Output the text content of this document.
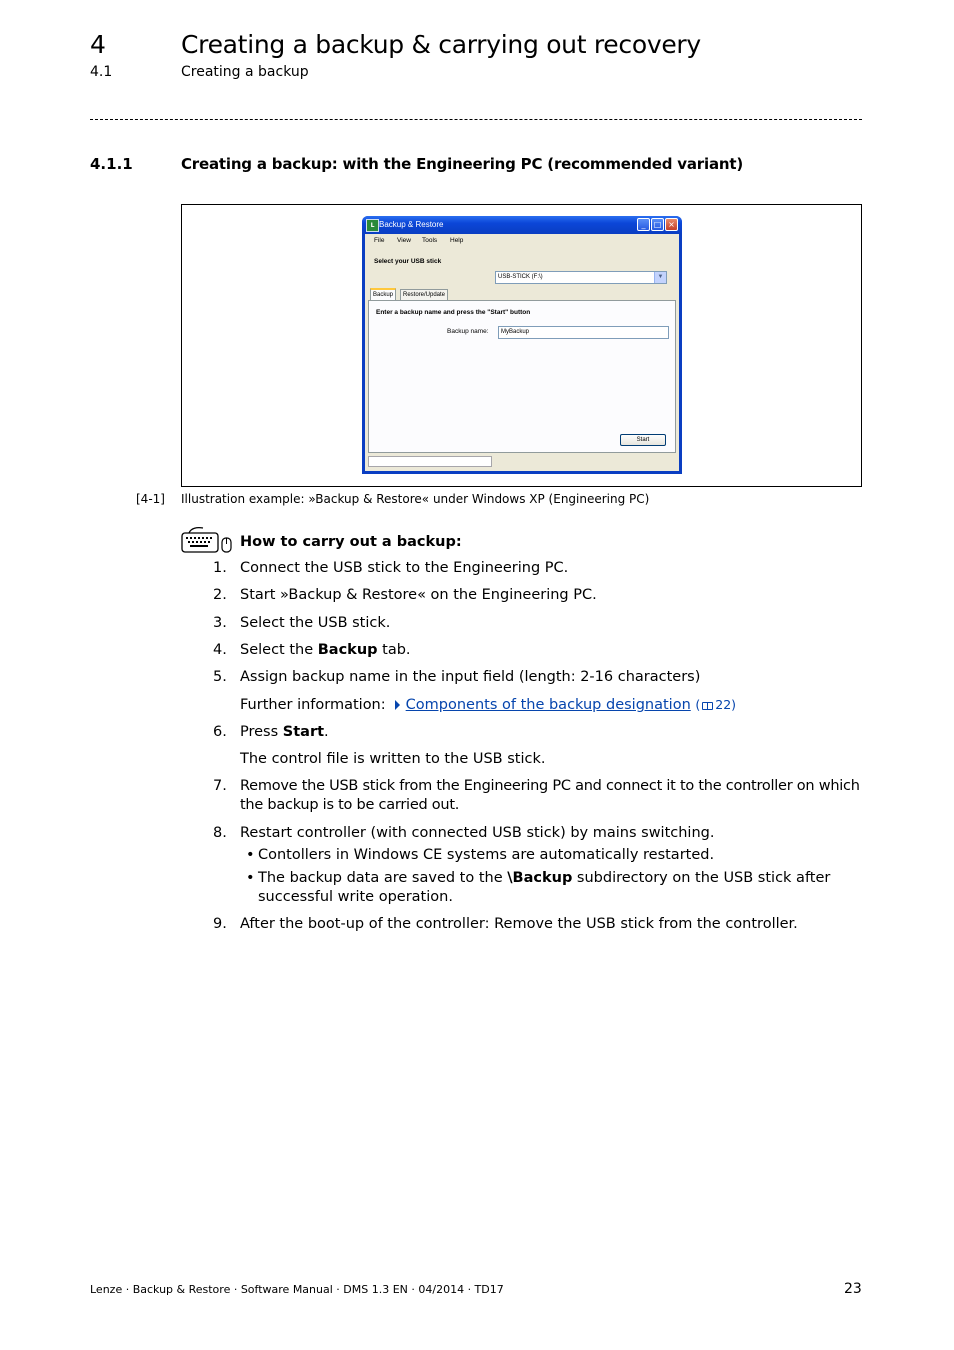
4	Creating a backup & carrying out recovery
4.1	Creating a backup
4.1.1	Creating a backup: with the Engineering PC (recommended variant)
L Backup & Restore	_	□ ×
File View Tools Help
Select your USB stick
USB-STICK (F:\)	▼
Backup	Restore/Update
Enter a backup name and press the "Start" button
Backup name:	MyBackup
Start
[4-1] Illustration example: »Backup & Restore« under Windows XP (Engineering PC)
How to carry out a backup:
1. Connect the USB stick to the Engineering PC.
2. Start »Backup & Restore« on the Engineering PC.
3. Select the USB stick.
4. Select the Backup tab.
5. Assign backup name in the input field (length: 2-16 characters)
Further information: Components of the backup designation ( 22)
6. Press Start.
The control file is written to the USB stick.
7. Remove the USB stick from the Engineering PC and connect it to the controller on which the backup is to be carried out.
8. Restart controller (with connected USB stick) by mains switching.
• Contollers in Windows CE systems are automatically restarted.
• The backup data are saved to the \Backup subdirectory on the USB stick after successful write operation.
9. After the boot-up of the controller: Remove the USB stick from the controller.
Lenze · Backup & Restore · Software Manual · DMS 1.3 EN · 04/2014 · TD17	23
